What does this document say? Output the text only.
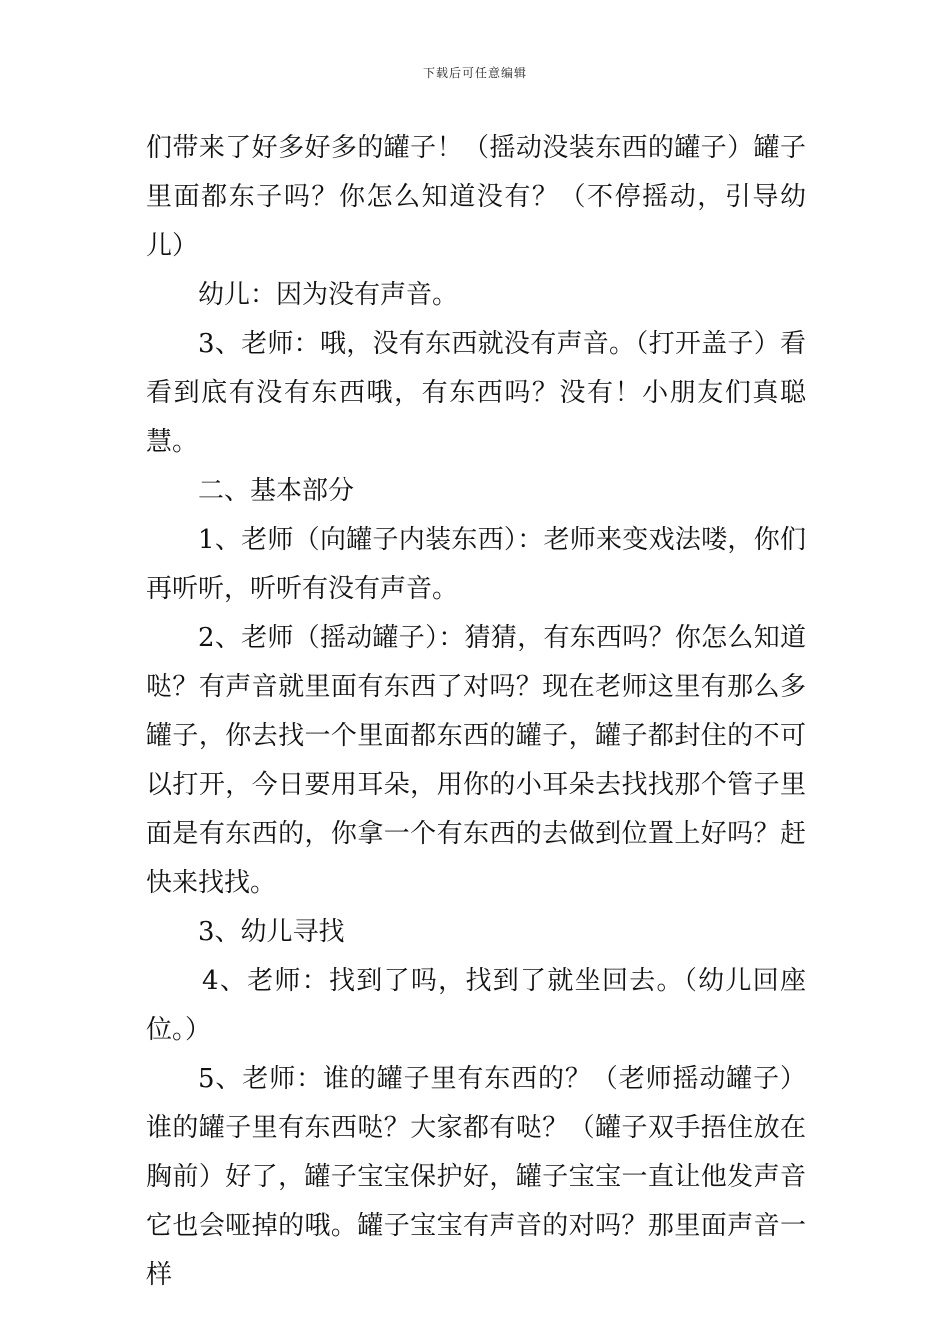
下载后可任意编辑

们带来了好多好多的罐子！（摇动没装东西的罐子）罐子里面都东子吗？你怎么知道没有？（不停摇动，引导幼儿）

幼儿：因为没有声音。

3、老师：哦，没有东西就没有声音。（打开盖子）看看到底有没有东西哦，有东西吗？没有！小朋友们真聪慧。

二、基本部分

1、老师（向罐子内装东西）：老师来变戏法喽，你们再听听，听听有没有声音。

2、老师（摇动罐子）：猜猜，有东西吗？你怎么知道哒？有声音就里面有东西了对吗？现在老师这里有那么多罐子，你去找一个里面都东西的罐子，罐子都封住的不可以打开，今日要用耳朵，用你的小耳朵去找找那个管子里面是有东西的，你拿一个有东西的去做到位置上好吗？赶快来找找。

3、幼儿寻找

4、老师：找到了吗，找到了就坐回去。（幼儿回座位。）

5、老师：谁的罐子里有东西的？（老师摇动罐子）谁的罐子里有东西哒？大家都有哒？（罐子双手捂住放在胸前）好了，罐子宝宝保护好，罐子宝宝一直让他发声音它也会哑掉的哦。罐子宝宝有声音的对吗？那里面声音一样
